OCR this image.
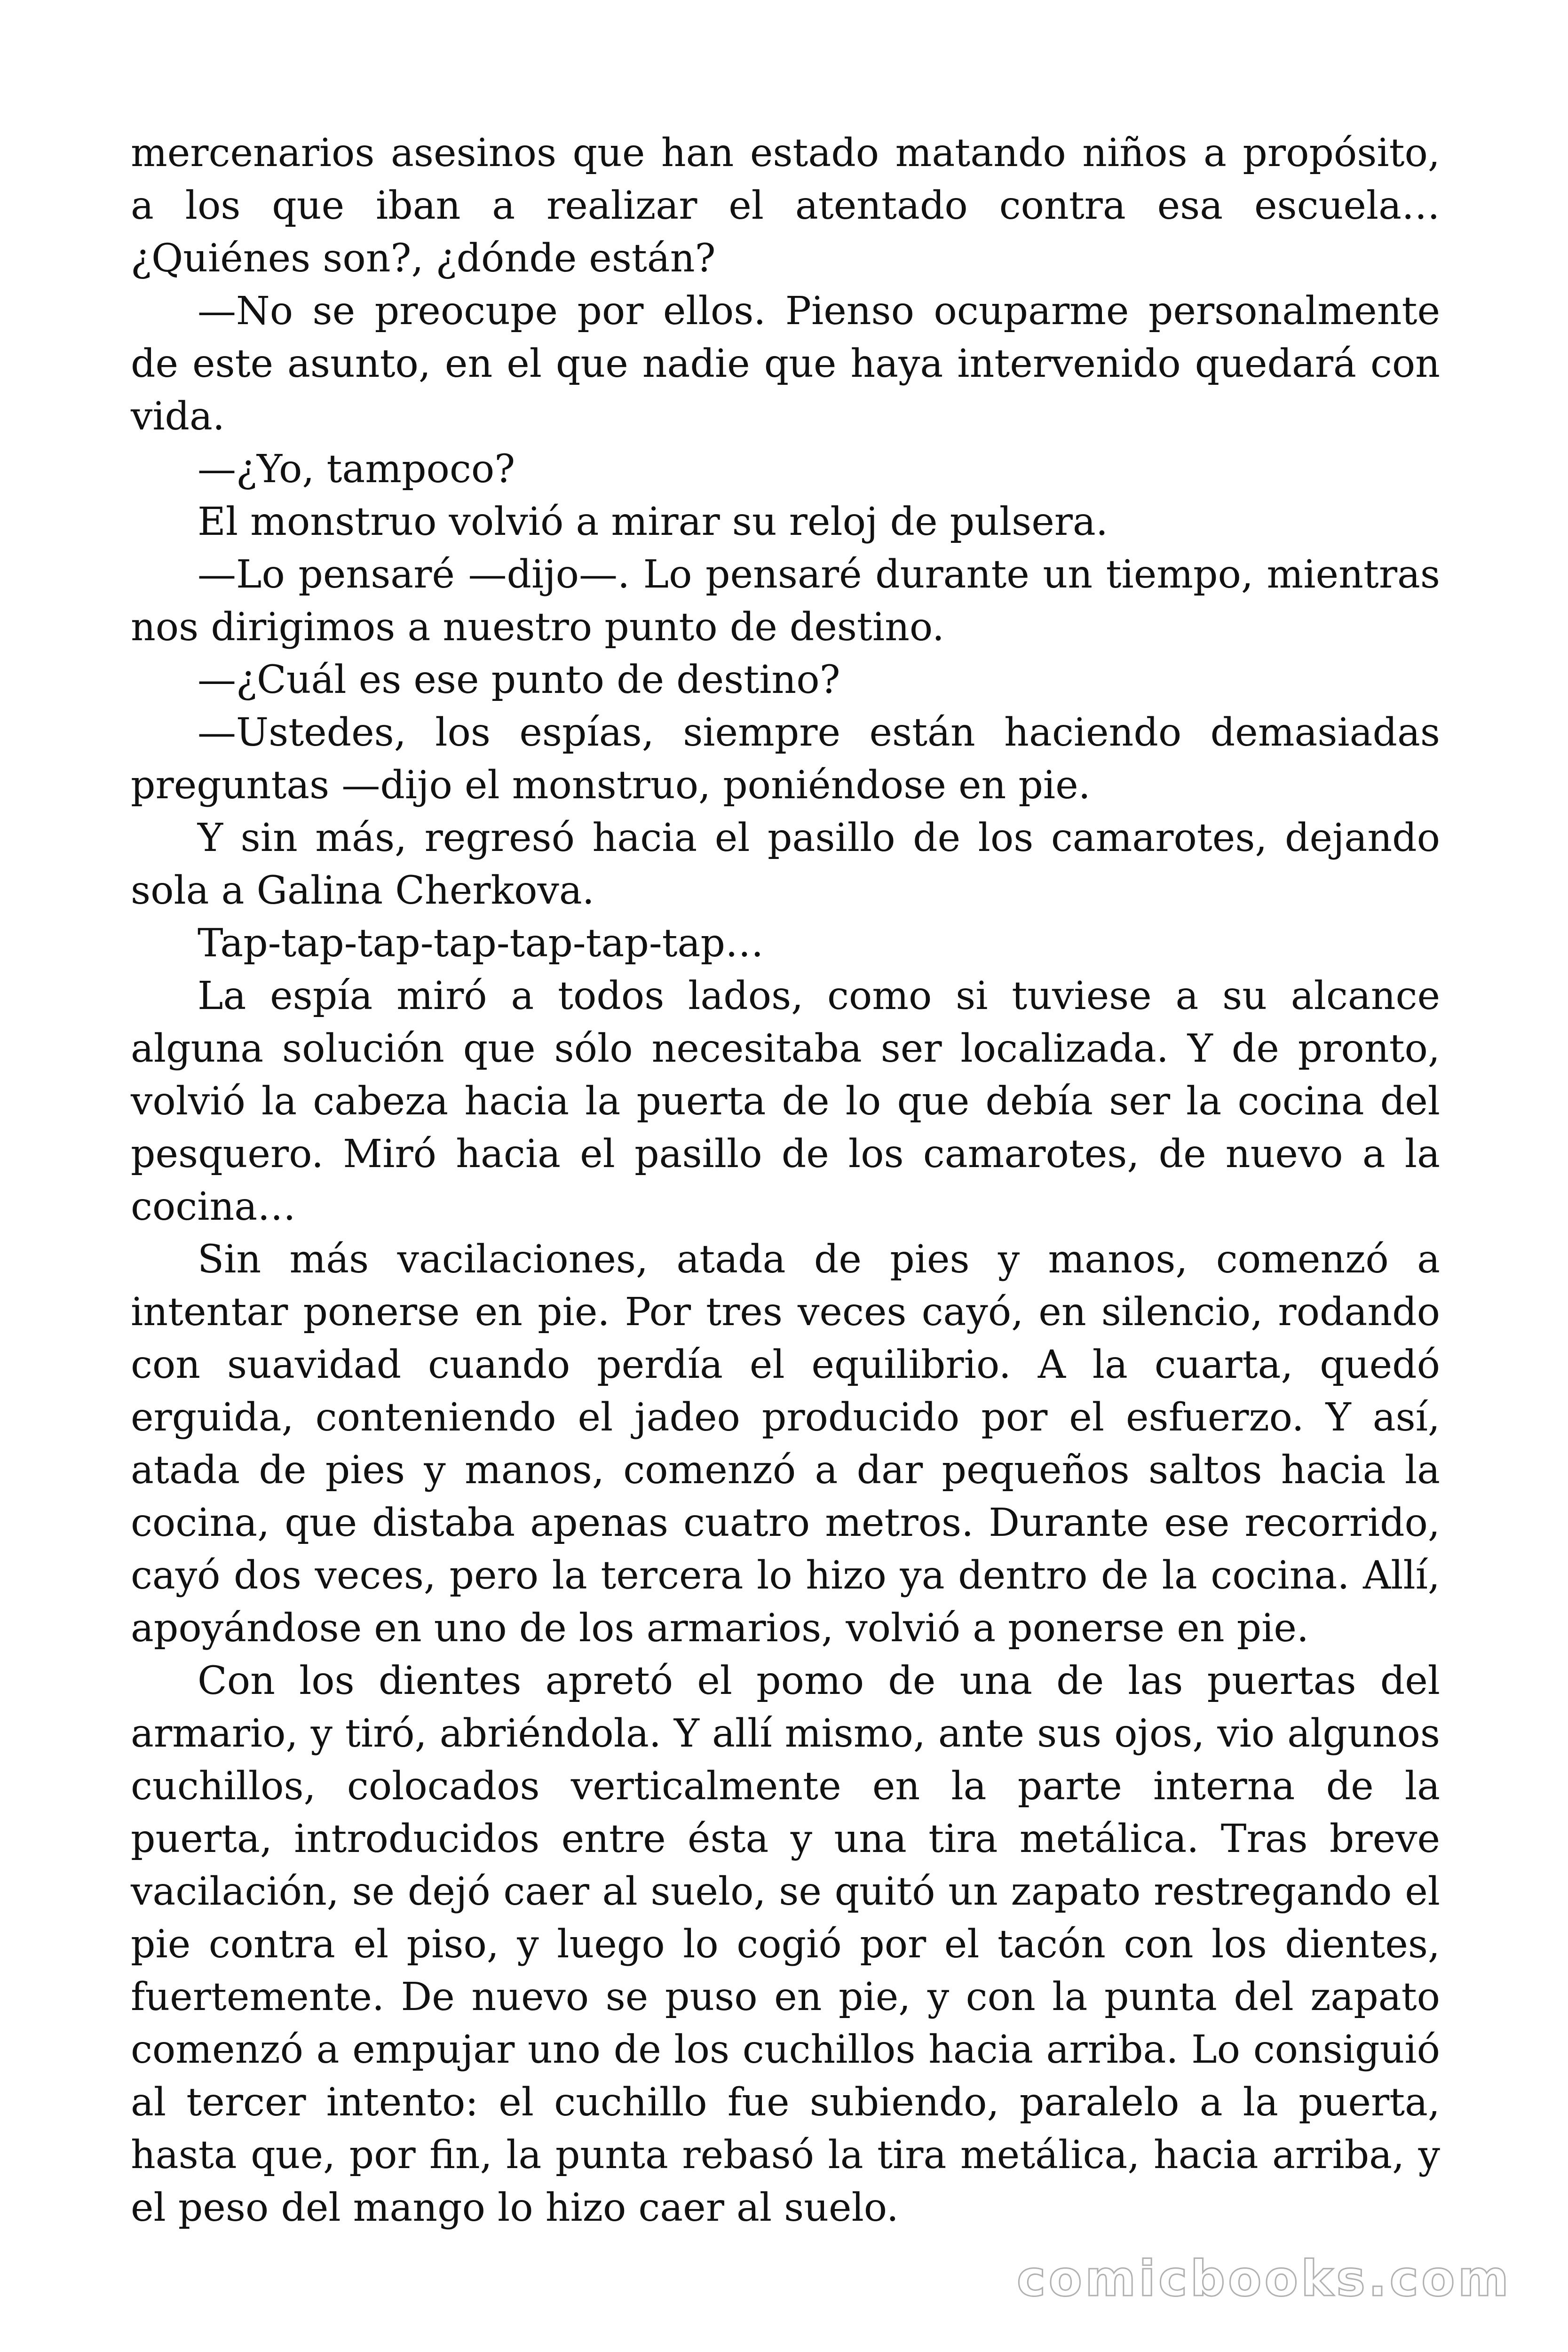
mercenarios asesinos que han estado matando niños a propósito, a los que iban a realizar el atentado contra esa escuela… ¿Quiénes son?, ¿dónde están?

—No se preocupe por ellos. Pienso ocuparme personalmente de este asunto, en el que nadie que haya intervenido quedará con vida.

—¿Yo, tampoco?

El monstruo volvió a mirar su reloj de pulsera.

—Lo pensaré —dijo—. Lo pensaré durante un tiempo, mientras nos dirigimos a nuestro punto de destino.

—¿Cuál es ese punto de destino?

—Ustedes, los espías, siempre están haciendo demasiadas preguntas —dijo el monstruo, poniéndose en pie.

Y sin más, regresó hacia el pasillo de los camarotes, dejando sola a Galina Cherkova.

Tap-tap-tap-tap-tap-tap-tap…

La espía miró a todos lados, como si tuviese a su alcance alguna solución que sólo necesitaba ser localizada. Y de pronto, volvió la cabeza hacia la puerta de lo que debía ser la cocina del pesquero. Miró hacia el pasillo de los camarotes, de nuevo a la cocina…

Sin más vacilaciones, atada de pies y manos, comenzó a intentar ponerse en pie. Por tres veces cayó, en silencio, rodando con suavidad cuando perdía el equilibrio. A la cuarta, quedó erguida, conteniendo el jadeo producido por el esfuerzo. Y así, atada de pies y manos, comenzó a dar pequeños saltos hacia la cocina, que distaba apenas cuatro metros. Durante ese recorrido, cayó dos veces, pero la tercera lo hizo ya dentro de la cocina. Allí, apoyándose en uno de los armarios, volvió a ponerse en pie.

Con los dientes apretó el pomo de una de las puertas del armario, y tiró, abriéndola. Y allí mismo, ante sus ojos, vio algunos cuchillos, colocados verticalmente en la parte interna de la puerta, introducidos entre ésta y una tira metálica. Tras breve vacilación, se dejó caer al suelo, se quitó un zapato restregando el pie contra el piso, y luego lo cogió por el tacón con los dientes, fuertemente. De nuevo se puso en pie, y con la punta del zapato comenzó a empujar uno de los cuchillos hacia arriba. Lo consiguió al tercer intento: el cuchillo fue subiendo, paralelo a la puerta, hasta que, por fin, la punta rebasó la tira metálica, hacia arriba, y el peso del mango lo hizo caer al suelo.

comicbooks.com
